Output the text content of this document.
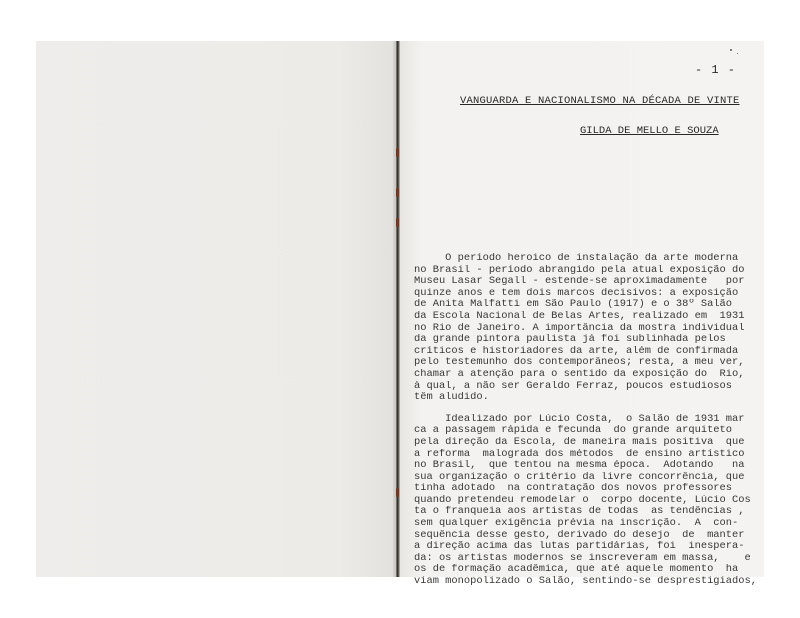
- 1 -
VANGUARDA E NACIONALISMO NA DÉCADA DE VINTE
GILDA DE MELLO E SOUZA
O período heroico de instalação da arte moderna
no Brasil - período abrangido pela atual exposição do
Museu Lasar Segall - estende-se aproximadamente   por
quinze anos e tem dois marcos decisivos: a exposição
de Anita Malfatti em São Paulo (1917) e o 38º Salão
da Escola Nacional de Belas Artes, realizado em  1931
no Rio de Janeiro. A importância da mostra individual
da grande pintora paulista já foi sublinhada pelos
críticos e historiadores da arte, além de confirmada
pelo testemunho dos contemporâneos; resta, a meu ver,
chamar a atenção para o sentido da exposição do  Rio,
à qual, a não ser Geraldo Ferraz, poucos estudiosos
têm aludido.
Idealizado por Lúcio Costa,  o Salão de 1931 mar
ca a passagem rápida e fecunda  do grande arquiteto
pela direção da Escola, de maneira mais positiva  que
a reforma  malograda dos métodos  de ensino artístico
no Brasil,  que tentou na mesma época.  Adotando   na
sua organização o critério da livre concorrência, que
tinha adotado  na contratação dos novos professores
quando pretendeu remodelar o  corpo docente, Lúcio Cos
ta o franqueia aos artistas de todas  as tendências ,
sem qualquer exigência prévia na inscrição.  A  con-
sequência desse gesto, derivado do desejo  de  manter
a direção acima das lutas partidárias, foi  inespera-
da: os artistas modernos se inscreveram em massa,    e
os de formação acadêmica, que até aquele momento  ha
viam monopolizado o Salão, sentindo-se desprestigiados,
